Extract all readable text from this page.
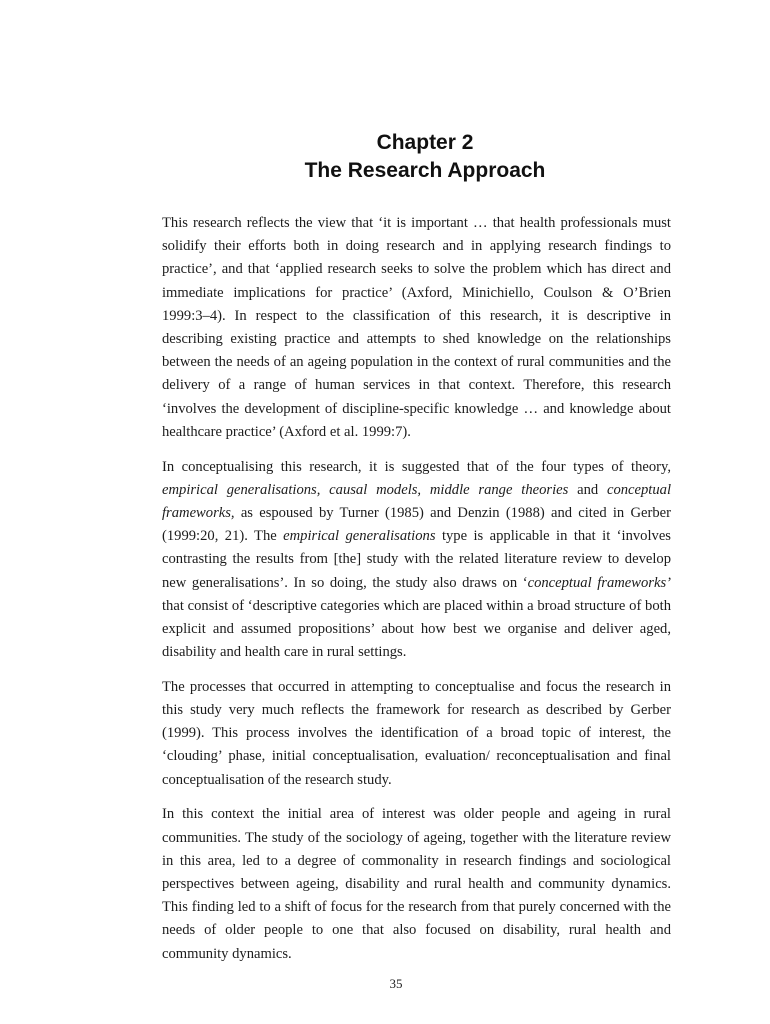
Chapter 2
The Research Approach

This research reflects the view that ‘it is important … that health professionals must solidify their efforts both in doing research and in applying research findings to practice’, and that ‘applied research seeks to solve the problem which has direct and immediate implications for practice’ (Axford, Minichiello, Coulson & O’Brien 1999:3–4). In respect to the classification of this research, it is descriptive in describing existing practice and attempts to shed knowledge on the relationships between the needs of an ageing population in the context of rural communities and the delivery of a range of human services in that context. Therefore, this research ‘involves the development of discipline-specific knowledge … and knowledge about healthcare practice’ (Axford et al. 1999:7).

In conceptualising this research, it is suggested that of the four types of theory, empirical generalisations, causal models, middle range theories and conceptual frameworks, as espoused by Turner (1985) and Denzin (1988) and cited in Gerber (1999:20, 21). The empirical generalisations type is applicable in that it ‘involves contrasting the results from [the] study with the related literature review to develop new generalisations’. In so doing, the study also draws on ‘conceptual frameworks’ that consist of ‘descriptive categories which are placed within a broad structure of both explicit and assumed propositions’ about how best we organise and deliver aged, disability and health care in rural settings.

The processes that occurred in attempting to conceptualise and focus the research in this study very much reflects the framework for research as described by Gerber (1999). This process involves the identification of a broad topic of interest, the ‘clouding’ phase, initial conceptualisation, evaluation/ reconceptualisation and final conceptualisation of the research study.

In this context the initial area of interest was older people and ageing in rural communities. The study of the sociology of ageing, together with the literature review in this area, led to a degree of commonality in research findings and sociological perspectives between ageing, disability and rural health and community dynamics. This finding led to a shift of focus for the research from that purely concerned with the needs of older people to one that also focused on disability, rural health and community dynamics.

35
